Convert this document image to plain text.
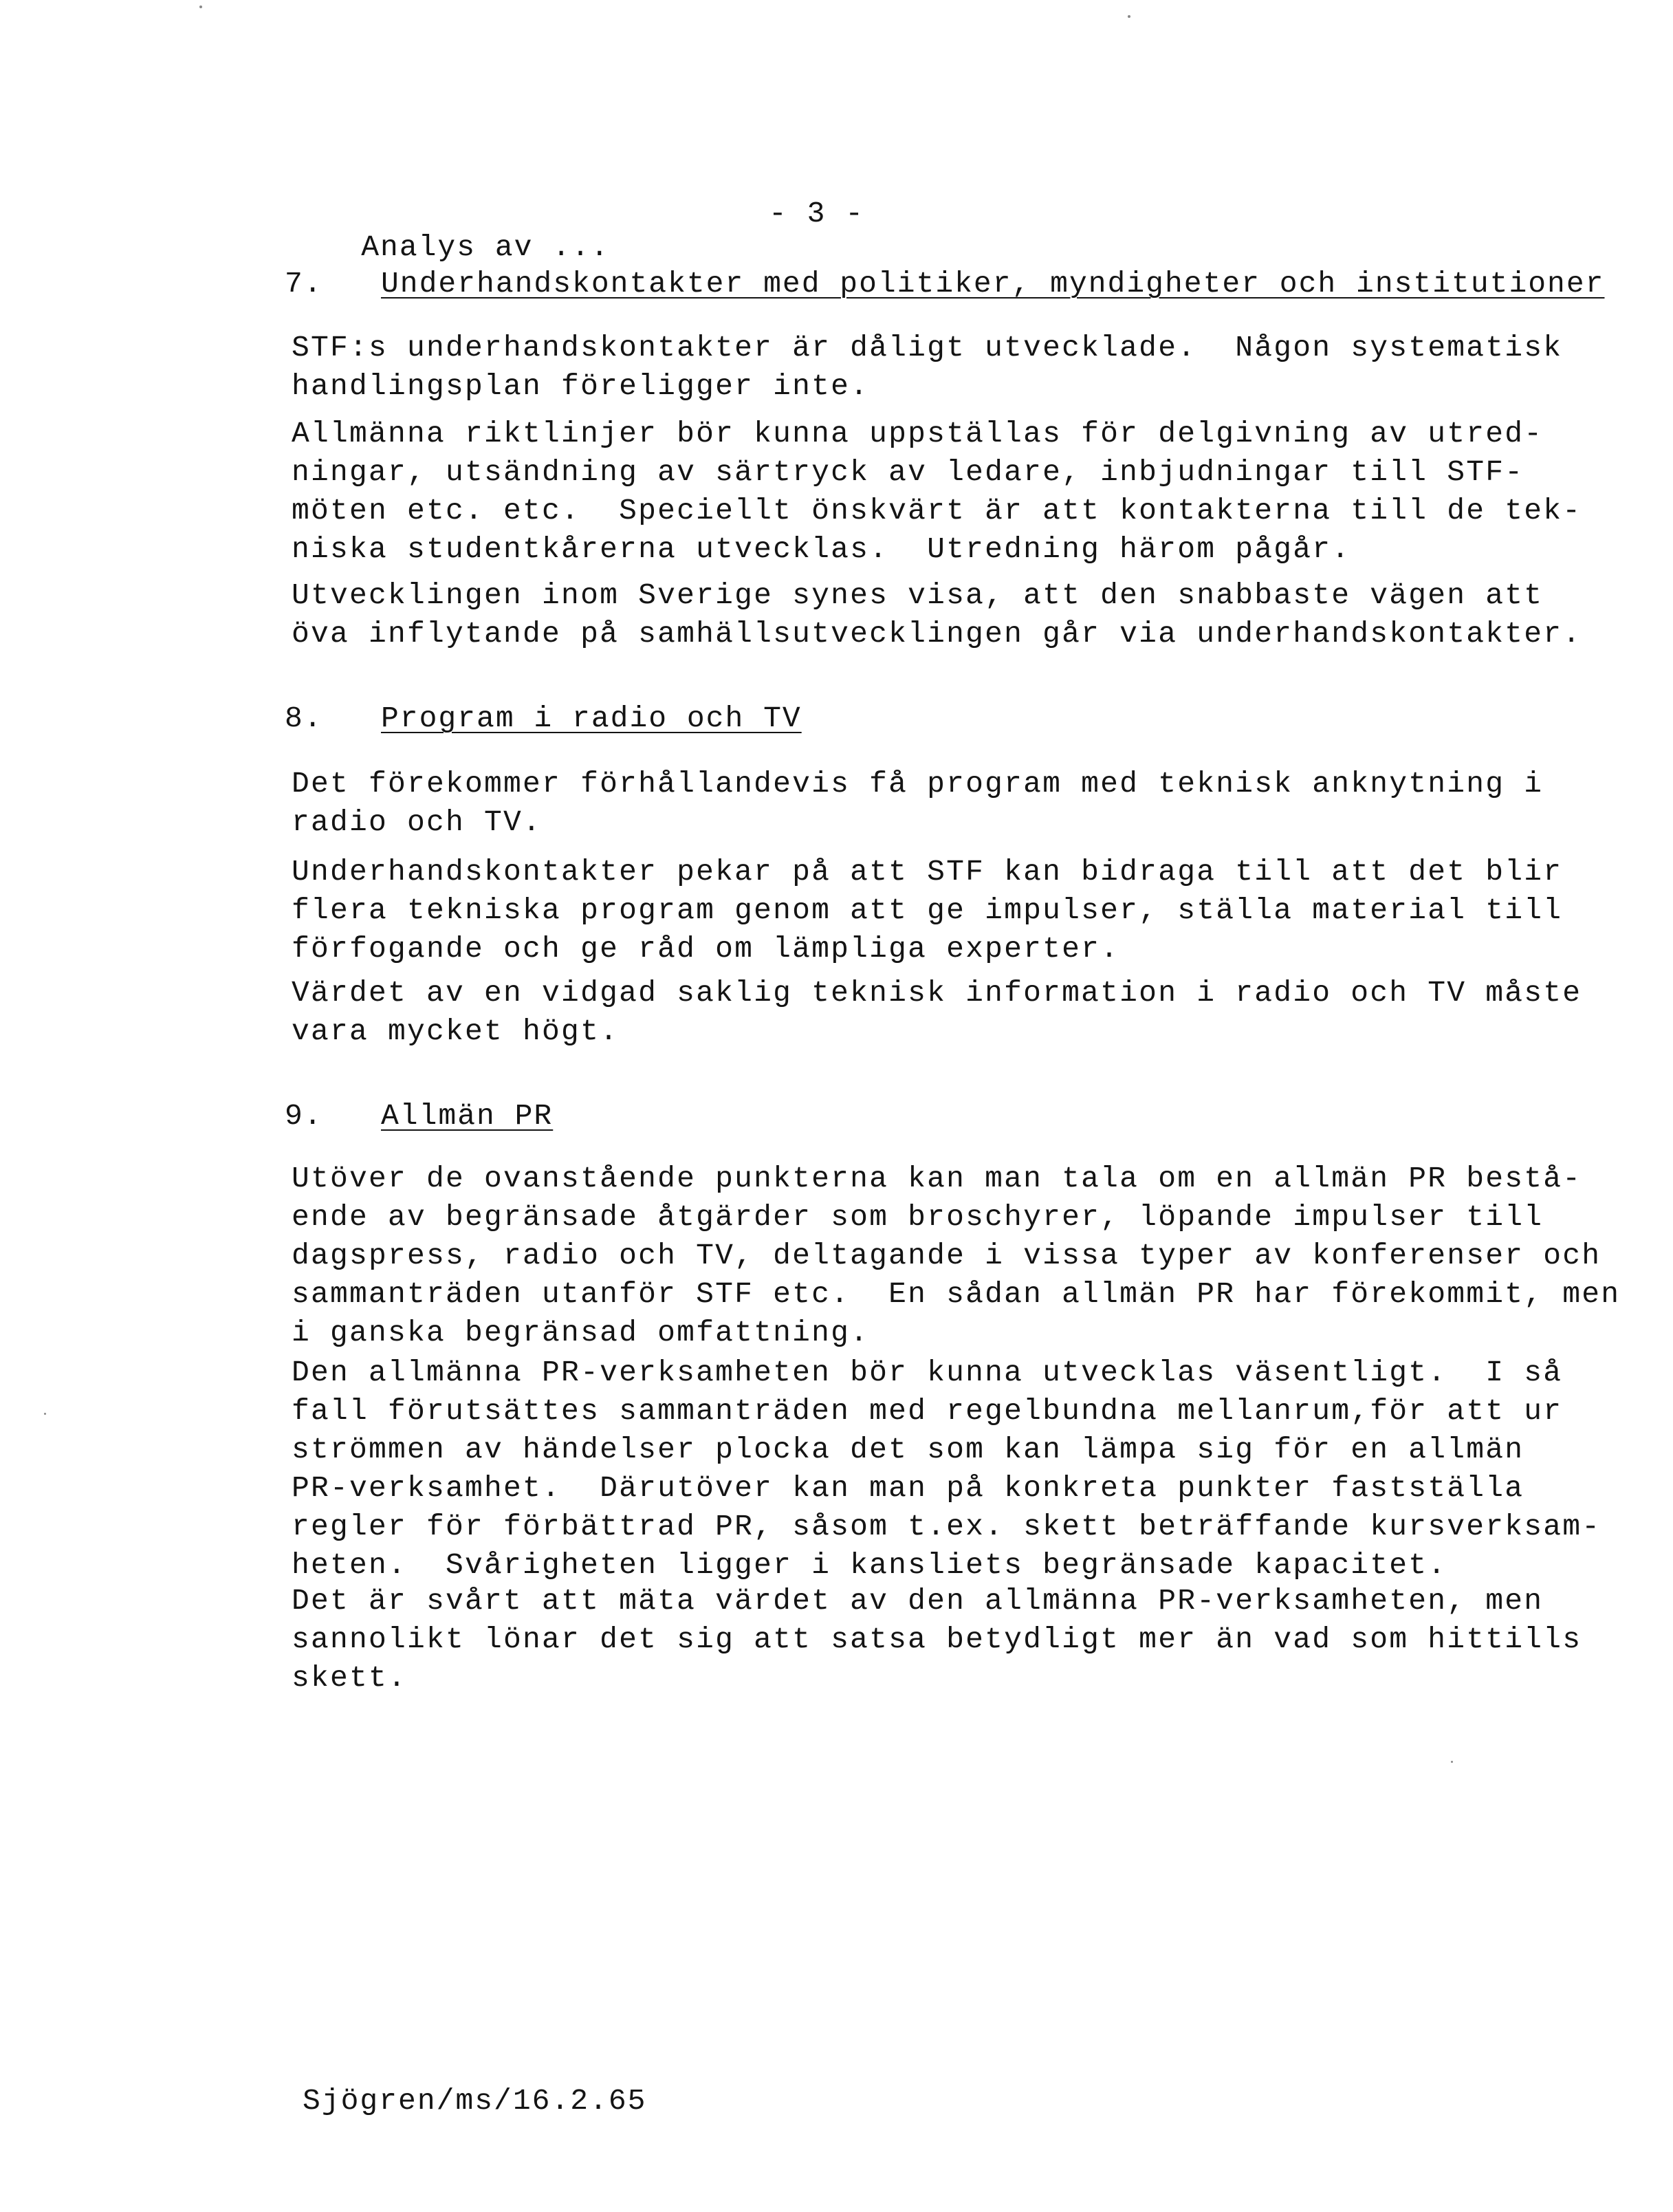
Analys av ...

- 3 -

7. Underhandskontakter med politiker, myndigheter och institutioner

STF:s underhandskontakter är dåligt utvecklade.  Någon systematisk
handlingsplan föreligger inte.

Allmänna riktlinjer bör kunna uppställas för delgivning av utred-
ningar, utsändning av särtryck av ledare, inbjudningar till STF-
möten etc. etc.  Speciellt önskvärt är att kontakterna till de tek-
niska studentkårerna utvecklas.  Utredning härom pågår.

Utvecklingen inom Sverige synes visa, att den snabbaste vägen att
öva inflytande på samhällsutvecklingen går via underhandskontakter.

8. Program i radio och TV

Det förekommer förhållandevis få program med teknisk anknytning i
radio och TV.

Underhandskontakter pekar på att STF kan bidraga till att det blir
flera tekniska program genom att ge impulser, ställa material till
förfogande och ge råd om lämpliga experter.

Värdet av en vidgad saklig teknisk information i radio och TV måste
vara mycket högt.

9. Allmän PR

Utöver de ovanstående punkterna kan man tala om en allmän PR bestå-
ende av begränsade åtgärder som broschyrer, löpande impulser till
dagspress, radio och TV, deltagande i vissa typer av konferenser och
sammanträden utanför STF etc.  En sådan allmän PR har förekommit, men
i ganska begränsad omfattning.

Den allmänna PR-verksamheten bör kunna utvecklas väsentligt.  I så
fall förutsättes sammanträden med regelbundna mellanrum,för att ur
strömmen av händelser plocka det som kan lämpa sig för en allmän
PR-verksamhet.  Därutöver kan man på konkreta punkter fastställa
regler för förbättrad PR, såsom t.ex. skett beträffande kursverksam-
heten.  Svårigheten ligger i kansliets begränsade kapacitet.

Det är svårt att mäta värdet av den allmänna PR-verksamheten, men
sannolikt lönar det sig att satsa betydligt mer än vad som hittills
skett.

Sjögren/ms/16.2.65
